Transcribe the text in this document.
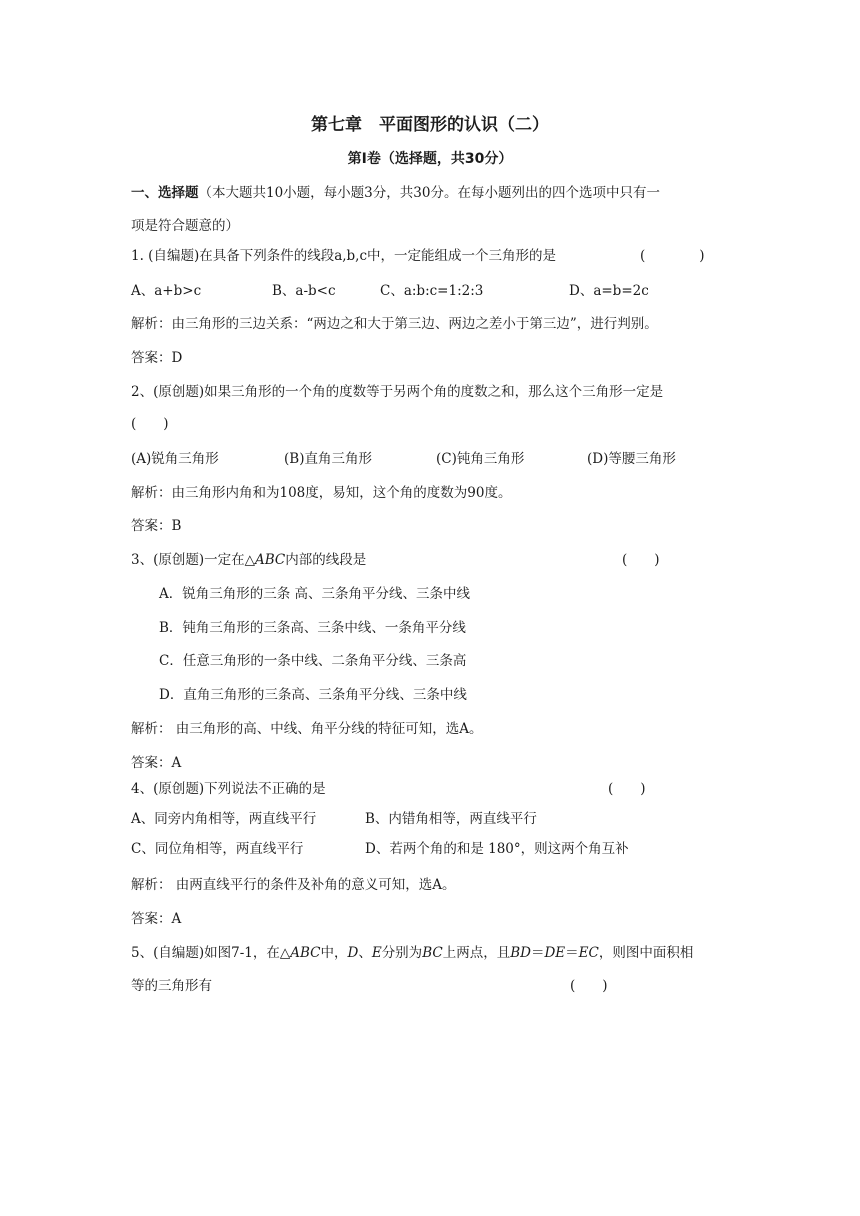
第七章　平面图形的认识（二）
第Ⅰ卷（选择题，共30分）
一、选择题（本大题共10小题，每小题3分，共30分。在每小题列出的四个选项中只有一
项是符合题意的）
1. (自编题)在具备下列条件的线段a,b,c中，一定能组成一个三角形的是	(　　　　)
A、a+b>c	B、a-b<c	C、a:b:c=1:2:3	D、a=b=2c
解析：由三角形的三边关系：“两边之和大于第三边、两边之差小于第三边”，进行判别。
答案：D
2、(原创题)如果三角形的一个角的度数等于另两个角的度数之和，那么这个三角形一定是
(　　)
(A)锐角三角形	(B)直角三角形	(C)钝角三角形	(D)等腰三角形
解析：由三角形内角和为108度，易知，这个角的度数为90度。
答案：B
3、(原创题)一定在△ABC内部的线段是	(　　)
A．锐角三角形的三条 高、三条角平分线、三条中线
B．钝角三角形的三条高、三条中线、一条角平分线
C．任意三角形的一条中线、二条角平分线、三条高
D．直角三角形的三条高、三条角平分线、三条中线
解析： 由三角形的高、中线、角平分线的特征可知，选A。
答案：A
4、(原创题)下列说法不正确的是	(　　)
A、同旁内角相等，两直线平行	B、内错角相等，两直线平行
C、同位角相等，两直线平行	D、若两个角的和是 180°，则这两个角互补
解析： 由两直线平行的条件及补角的意义可知，选A。
答案：A
5、(自编题)如图7-1，在△ABC中，D、E分别为BC上两点，且BD＝DE＝EC，则图中面积相
等的三角形有	(　　)
